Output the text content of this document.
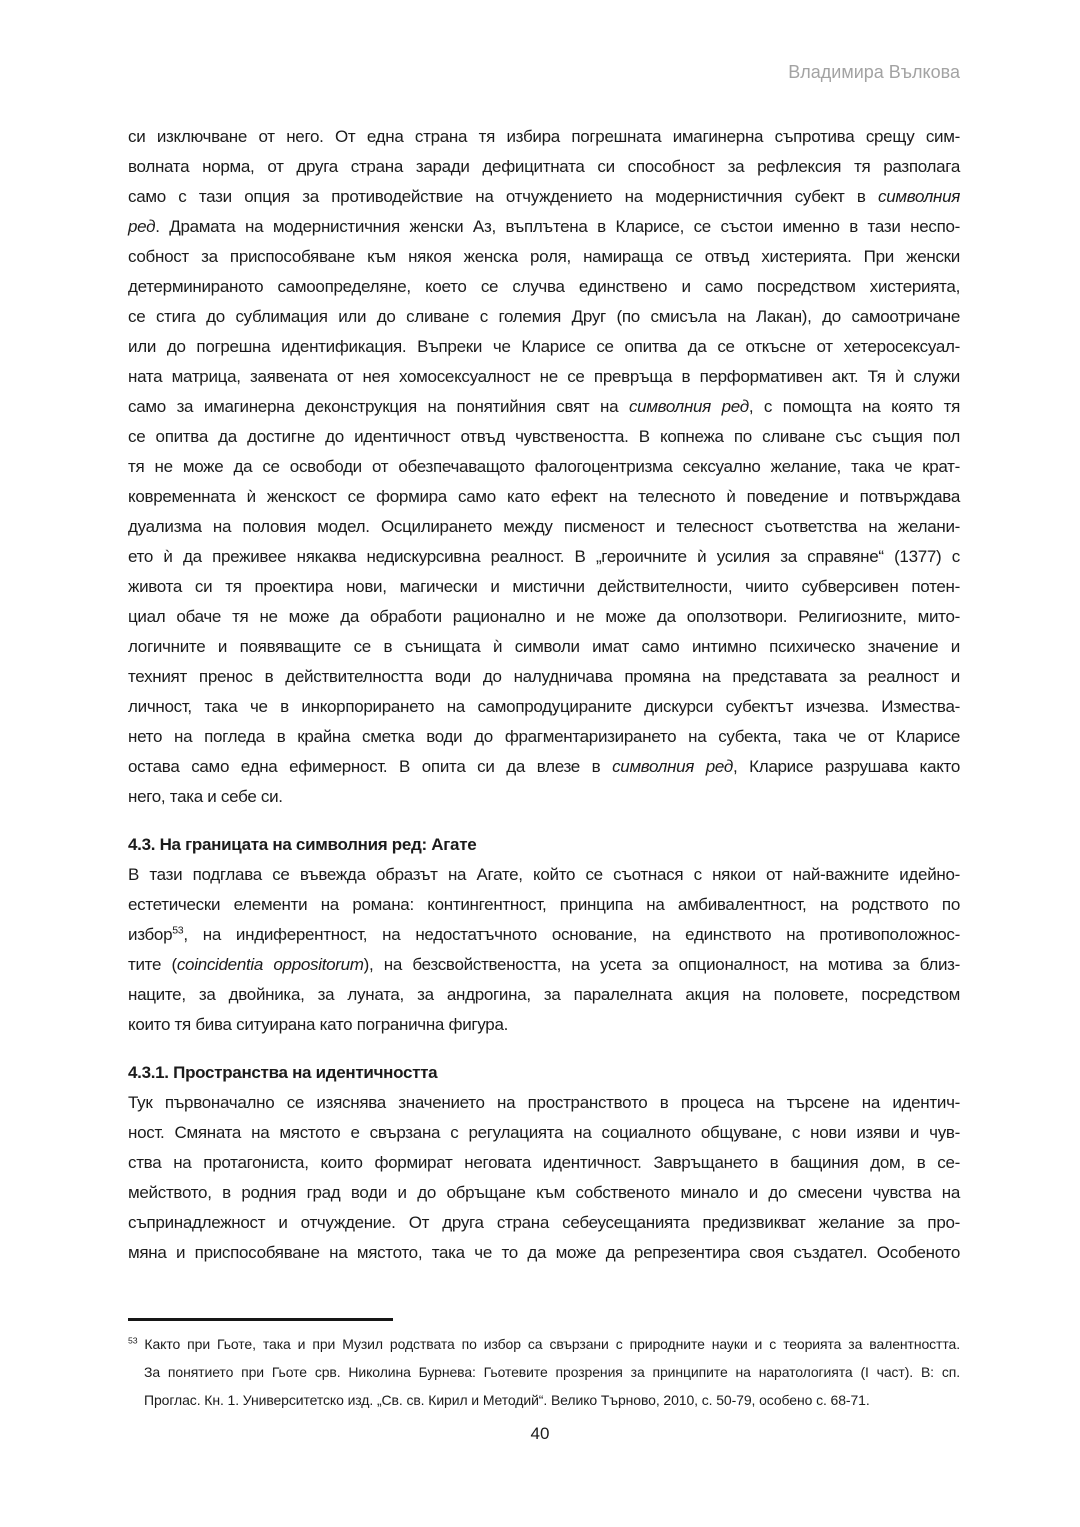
Владимира Вълкова
си изключване от него. От една страна тя избира погрешната имагинерна съпротива срещу сим-
волната норма, от друга страна заради дефицитната си способност за рефлексия тя разполага
само с тази опция за противодействие на отчуждението на модернистичния субект в символния
ред. Драмата на модернистичния женски Аз, въплътена в Кларисе, се състои именно в тази неспо-
собност за приспособяване към някоя женска роля, намираща се отвъд хистерията. При женски
детерминираното самоопределяне, което се случва единствено и само посредством хистерията,
се стига до сублимация или до сливане с големия Друг (по смисъла на Лакан), до самоотричане
или до погрешна идентификация. Въпреки че Кларисе се опитва да се откъсне от хетеросексуал-
ната матрица, заявената от нея хомосексуалност не се превръща в перформативен акт. Тя ѝ служи
само за имагинерна деконструкция на понятийния свят на символния ред, с помощта на която тя
се опитва да достигне до идентичност отвъд чувствеността. В копнежа по сливане със същия пол
тя не може да се освободи от обезпечаващото фалогоцентризма сексуално желание, така че крат-
ковременната ѝ женскост се формира само като ефект на телесното ѝ поведение и потвърждава
дуализма на половия модел. Осцилирането между писменост и телесност съответства на желани-
ето ѝ да преживее някаква недискурсивна реалност. В „героичните ѝ усилия за справяне“ (1377) с
живота си тя проектира нови, магически и мистични действителности, чиито субверсивен потен-
циал обаче тя не може да обработи рационално и не може да оползотвори. Религиозните, мито-
логичните и появяващите се в сънищата ѝ символи имат само интимно психическо значение и
техният пренос в действителността води до налудничава промяна на представата за реалност и
личност, така че в инкорпорирането на самопродуцираните дискурси субектът изчезва. Измества-
нето на погледа в крайна сметка води до фрагментаризирането на субекта, така че от Кларисе
остава само една ефимерност. В опита си да влезе в символния ред, Кларисе разрушава както
него, така и себе си.
4.3. На границата на символния ред: Агате
В тази подглава се въвежда образът на Агате, който се съотнася с някои от най-важните идейно-
естетически елементи на романа: контингентност, принципа на амбивалентност, на родството по
избор$^{53}$, на индиферентност, на недостатъчното основание, на единството на противоположнос-
тите (coincidentia oppositorum), на безсвойствеността, на усета за опционалност, на мотива за близ-
наците, за двойника, за луната, за андрогина, за паралелната акция на половете, посредством
които тя бива ситуирана като погранична фигура.
4.3.1. Пространства на идентичността
Тук първоначално се изяснява значението на пространството в процеса на търсене на идентич-
ност. Смяната на мястото е свързана с регулацията на социалното общуване, с нови изяви и чув-
ства на протагониста, които формират неговата идентичност. Завръщането в бащиния дом, в се-
мейството, в родния град води и до обръщане към собственото минало и до смесени чувства на
съпринадлежност и отчуждение. От друга страна себеусещанията предизвикват желание за про-
мяна и приспособяване на мястото, така че то да може да репрезентира своя създател. Особеното
$^{53}$ Както при Гьоте, така и при Музил родствата по избор са свързани с природните науки и с теорията за валентността.
За понятието при Гьоте срв. Николина Бурнева: Гьотевите прозрения за принципите на наратологията (I част). В: сп.
Проглас. Кн. 1. Университетско изд. „Св. св. Кирил и Методий“. Велико Търново, 2010, с. 50-79, особено с. 68-71.
40
